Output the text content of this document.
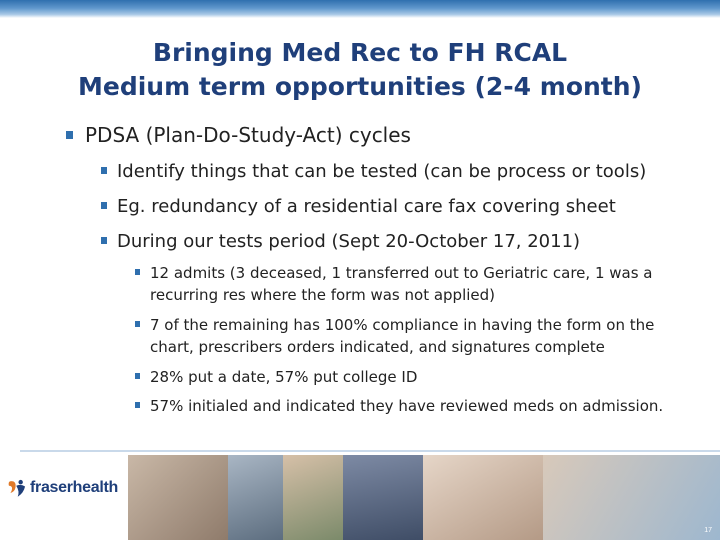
Bringing Med Rec to FH RCAL
Medium term opportunities (2-4 month)
PDSA (Plan-Do-Study-Act) cycles
Identify things that can be tested (can be process or tools)
Eg. redundancy of a residential care fax covering sheet
During our tests period (Sept 20-October 17, 2011)
12 admits (3 deceased, 1 transferred out to Geriatric care, 1 was a
recurring res where the form was not applied)
7 of the remaining has 100% compliance in having the form on the
chart, prescribers orders indicated, and signatures complete
28% put a date, 57% put college ID
57% initialed and indicated they have reviewed meds on admission.
fraserhealth
17
